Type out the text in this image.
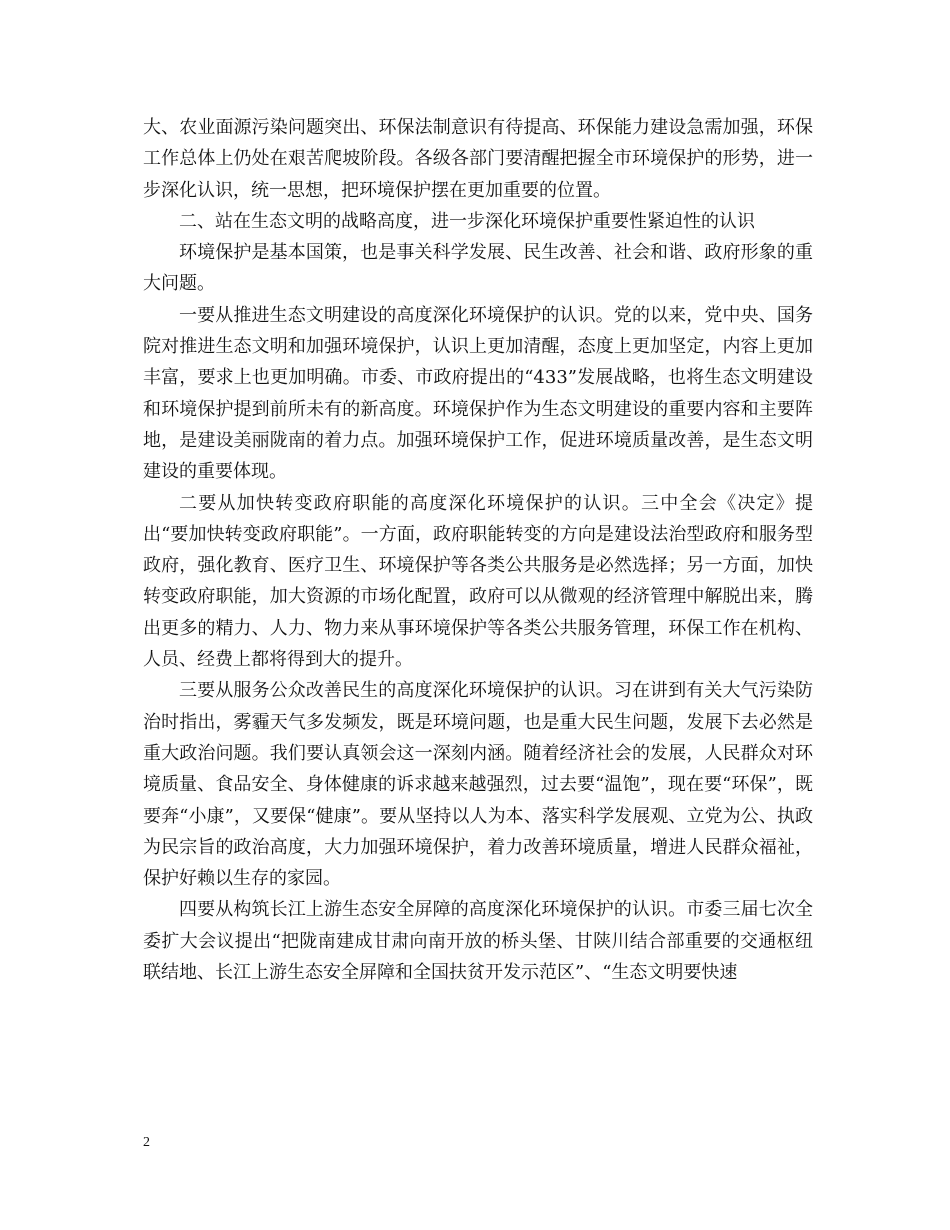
大、农业面源污染问题突出、环保法制意识有待提高、环保能力建设急需加强，环保工作总体上仍处在艰苦爬坡阶段。各级各部门要清醒把握全市环境保护的形势，进一步深化认识，统一思想，把环境保护摆在更加重要的位置。

二、站在生态文明的战略高度，进一步深化环境保护重要性紧迫性的认识

环境保护是基本国策，也是事关科学发展、民生改善、社会和谐、政府形象的重大问题。

一要从推进生态文明建设的高度深化环境保护的认识。党的以来，党中央、国务院对推进生态文明和加强环境保护，认识上更加清醒，态度上更加坚定，内容上更加丰富，要求上也更加明确。市委、市政府提出的“433”发展战略，也将生态文明建设和环境保护提到前所未有的新高度。环境保护作为生态文明建设的重要内容和主要阵地，是建设美丽陇南的着力点。加强环境保护工作，促进环境质量改善，是生态文明建设的重要体现。

二要从加快转变政府职能的高度深化环境保护的认识。三中全会《决定》提出“要加快转变政府职能”。一方面，政府职能转变的方向是建设法治型政府和服务型政府，强化教育、医疗卫生、环境保护等各类公共服务是必然选择；另一方面，加快转变政府职能，加大资源的市场化配置，政府可以从微观的经济管理中解脱出来，腾出更多的精力、人力、物力来从事环境保护等各类公共服务管理，环保工作在机构、人员、经费上都将得到大的提升。

三要从服务公众改善民生的高度深化环境保护的认识。习在讲到有关大气污染防治时指出，雾霾天气多发频发，既是环境问题，也是重大民生问题，发展下去必然是重大政治问题。我们要认真领会这一深刻内涵。随着经济社会的发展，人民群众对环境质量、食品安全、身体健康的诉求越来越强烈，过去要“温饱”，现在要“环保”，既要奔“小康”，又要保“健康”。要从坚持以人为本、落实科学发展观、立党为公、执政为民宗旨的政治高度，大力加强环境保护，着力改善环境质量，增进人民群众福祉，保护好赖以生存的家园。

四要从构筑长江上游生态安全屏障的高度深化环境保护的认识。市委三届七次全委扩大会议提出“把陇南建成甘肃向南开放的桥头堡、甘陕川结合部重要的交通枢纽联结地、长江上游生态安全屏障和全国扶贫开发示范区”、“生态文明要快速

2
